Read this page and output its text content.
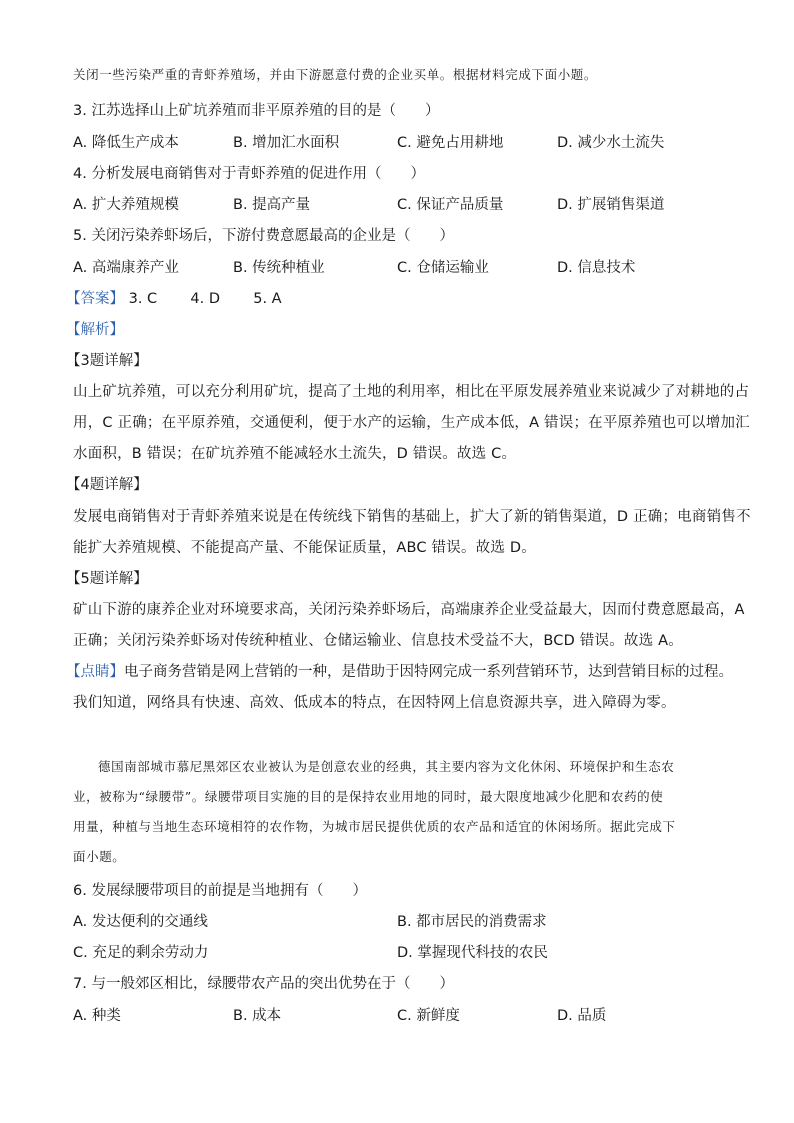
关闭一些污染严重的青虾养殖场，并由下游愿意付费的企业买单。根据材料完成下面小题。
3. 江苏选择山上矿坑养殖而非平原养殖的目的是（　　）
A. 降低生产成本	B. 增加汇水面积	C. 避免占用耕地	D. 减少水土流失
4. 分析发展电商销售对于青虾养殖的促进作用（　　）
A. 扩大养殖规模	B. 提高产量	C. 保证产品质量	D. 扩展销售渠道
5. 关闭污染养虾场后，下游付费意愿最高的企业是（　　）
A. 高端康养产业	B. 传统种植业	C. 仓储运输业	D. 信息技术
【答案】 3. C 4. D 5. A
【解析】
【3题详解】
山上矿坑养殖，可以充分利用矿坑，提高了土地的利用率，相比在平原发展养殖业来说减少了对耕地的占
用，C 正确；在平原养殖，交通便利，便于水产的运输，生产成本低，A 错误；在平原养殖也可以增加汇
水面积，B 错误；在矿坑养殖不能减轻水土流失，D 错误。故选 C。
【4题详解】
发展电商销售对于青虾养殖来说是在传统线下销售的基础上，扩大了新的销售渠道，D 正确；电商销售不
能扩大养殖规模、不能提高产量、不能保证质量，ABC 错误。故选 D。
【5题详解】
矿山下游的康养企业对环境要求高，关闭污染养虾场后，高端康养企业受益最大，因而付费意愿最高，A
正确；关闭污染养虾场对传统种植业、仓储运输业、信息技术受益不大，BCD 错误。故选 A。
【点睛】电子商务营销是网上营销的一种，是借助于因特网完成一系列营销环节，达到营销目标的过程。
我们知道，网络具有快速、高效、低成本的特点，在因特网上信息资源共享，进入障碍为零。
德国南部城市慕尼黑郊区农业被认为是创意农业的经典，其主要内容为文化休闲、环境保护和生态农
业，被称为“绿腰带”。绿腰带项目实施的目的是保持农业用地的同时，最大限度地减少化肥和农药的使
用量，种植与当地生态环境相符的农作物，为城市居民提供优质的农产品和适宜的休闲场所。据此完成下
面小题。
6. 发展绿腰带项目的前提是当地拥有（　　）
A. 发达便利的交通线	B. 都市居民的消费需求
C. 充足的剩余劳动力	D. 掌握现代科技的农民
7. 与一般郊区相比，绿腰带农产品的突出优势在于（　　）
A. 种类	B. 成本	C. 新鲜度	D. 品质
